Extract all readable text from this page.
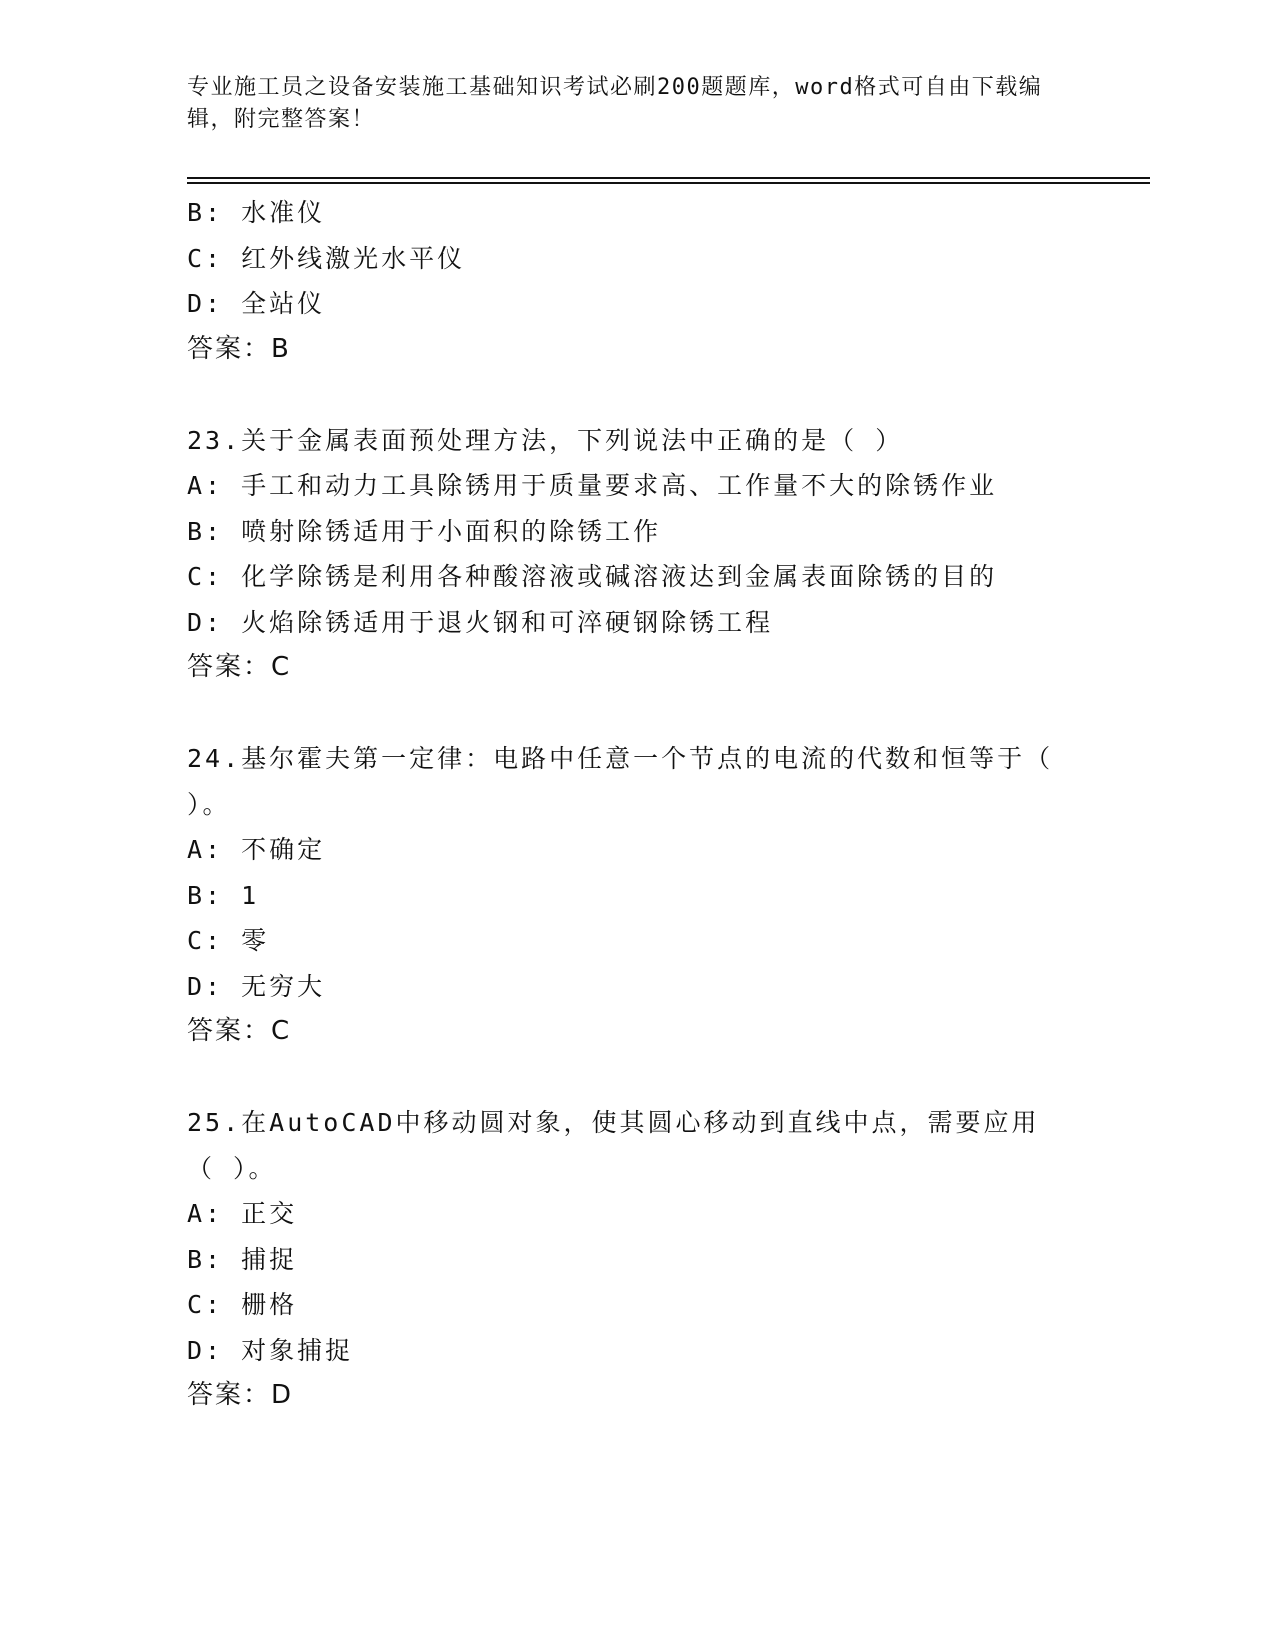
专业施工员之设备安装施工基础知识考试必刷200题题库，word格式可自由下载编辑，附完整答案！
B: 水准仪
C: 红外线激光水平仪
D: 全站仪
答案：B
23.关于金属表面预处理方法，下列说法中正确的是（ ）
A: 手工和动力工具除锈用于质量要求高、工作量不大的除锈作业
B: 喷射除锈适用于小面积的除锈工作
C: 化学除锈是利用各种酸溶液或碱溶液达到金属表面除锈的目的
D: 火焰除锈适用于退火钢和可淬硬钢除锈工程
答案：C
24.基尔霍夫第一定律：电路中任意一个节点的电流的代数和恒等于（ ）。
A: 不确定
B: 1
C: 零
D: 无穷大
答案：C
25.在AutoCAD中移动圆对象，使其圆心移动到直线中点，需要应用（ ）。
A: 正交
B: 捕捉
C: 栅格
D: 对象捕捉
答案：D
